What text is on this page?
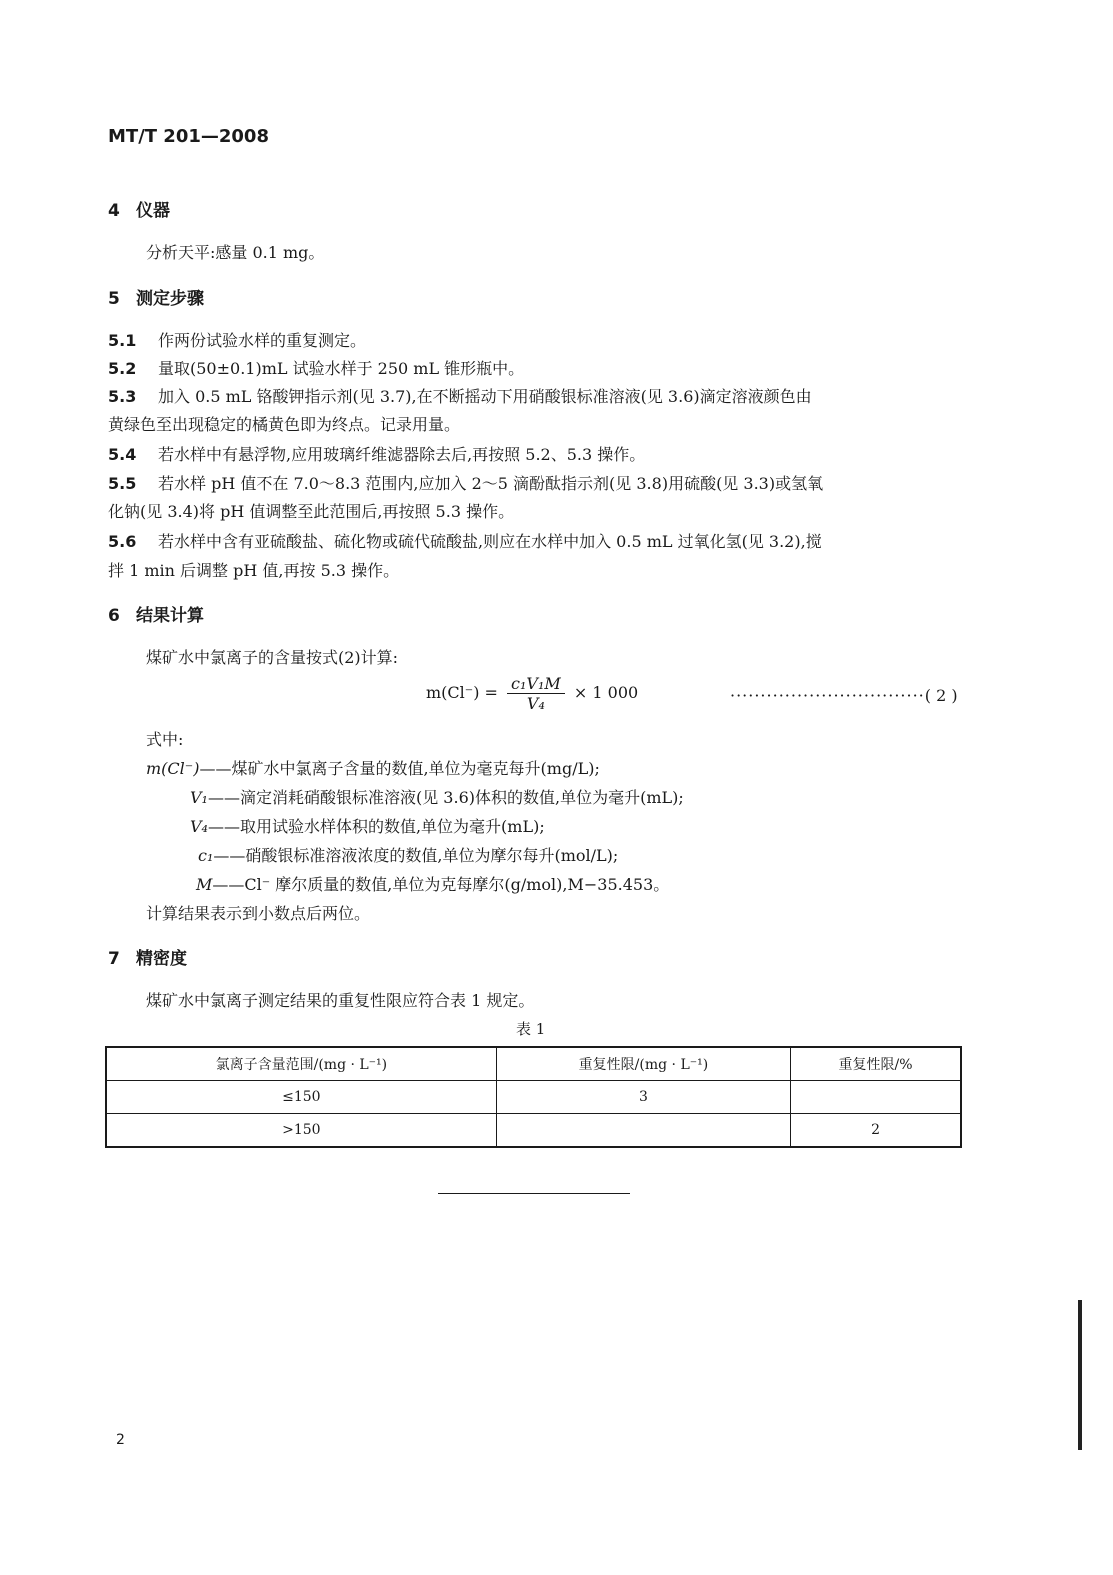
MT/T 201—2008
4 仪器
分析天平:感量 0.1 mg。
5 测定步骤
5.1 作两份试验水样的重复测定。
5.2 量取(50±0.1)mL 试验水样于 250 mL 锥形瓶中。
5.3 加入 0.5 mL 铬酸钾指示剂(见 3.7),在不断摇动下用硝酸银标准溶液(见 3.6)滴定溶液颜色由
黄绿色至出现稳定的橘黄色即为终点。记录用量。
5.4 若水样中有悬浮物,应用玻璃纤维滤器除去后,再按照 5.2、5.3 操作。
5.5 若水样 pH 值不在 7.0～8.3 范围内,应加入 2～5 滴酚酞指示剂(见 3.8)用硫酸(见 3.3)或氢氧
化钠(见 3.4)将 pH 值调整至此范围后,再按照 5.3 操作。
5.6 若水样中含有亚硫酸盐、硫化物或硫代硫酸盐,则应在水样中加入 0.5 mL 过氧化氢(见 3.2),搅
拌 1 min 后调整 pH 值,再按 5.3 操作。
6 结果计算
煤矿水中氯离子的含量按式(2)计算:
$m(Cl^-) = \frac{\text{c₁V₁M}}{\text{V₄}} \times 1$ 000	································( 2 )
式中:
m(Cl⁻)——煤矿水中氯离子含量的数值,单位为毫克每升(mg/L);
V₁——滴定消耗硝酸银标准溶液(见 3.6)体积的数值,单位为毫升(mL);
V₄——取用试验水样体积的数值,单位为毫升(mL);
c₁——硝酸银标准溶液浓度的数值,单位为摩尔每升(mol/L);
M——Cl⁻ 摩尔质量的数值,单位为克每摩尔(g/mol),M−35.453。
计算结果表示到小数点后两位。
7 精密度
煤矿水中氯离子测定结果的重复性限应符合表 1 规定。
表 1
氯离子含量范围/(mg · L⁻¹)	重复性限/(mg · L⁻¹)	重复性限/%
≤150	3	
>150		2
2
